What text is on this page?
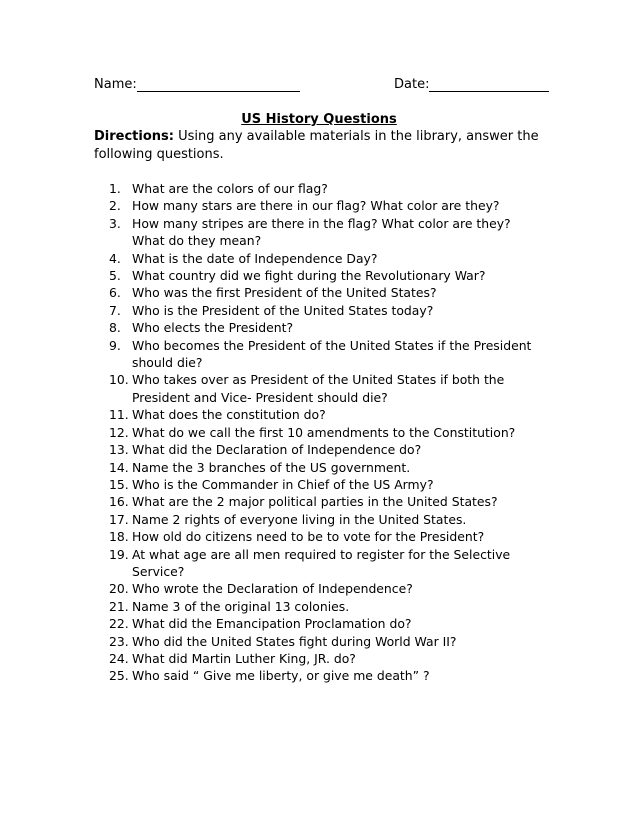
Name:	Date:
US History Questions
Directions: Using any available materials in the library, answer the following questions.
1. What are the colors of our flag?
2. How many stars are there in our flag? What color are they?
3. How many stripes are there in the flag? What color are they? What do they mean?
4. What is the date of Independence Day?
5. What country did we fight during the Revolutionary War?
6. Who was the first President of the United States?
7. Who is the President of the United States today?
8. Who elects the President?
9. Who becomes the President of the United States if the President should die?
10. Who takes over as President of the United States if both the President and Vice- President should die?
11. What does the constitution do?
12. What do we call the first 10 amendments to the Constitution?
13. What did the Declaration of Independence do?
14. Name the 3 branches of the US government.
15. Who is the Commander in Chief of the US Army?
16. What are the 2 major political parties in the United States?
17. Name 2 rights of everyone living in the United States.
18. How old do citizens need to be to vote for the President?
19. At what age are all men required to register for the Selective Service?
20. Who wrote the Declaration of Independence?
21. Name 3 of the original 13 colonies.
22. What did the Emancipation Proclamation do?
23. Who did the United States fight during World War II?
24. What did Martin Luther King, JR. do?
25. Who said “ Give me liberty, or give me death” ?
